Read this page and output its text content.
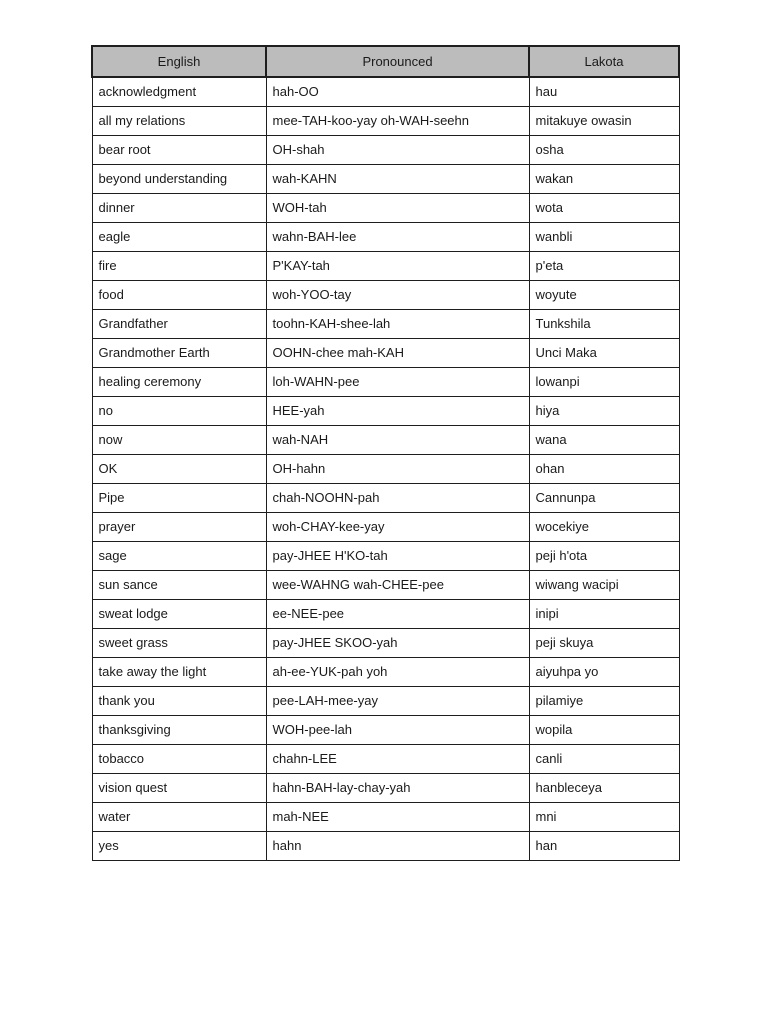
English	Pronounced	Lakota
acknowledgment	hah-OO	hau
all my relations	mee-TAH-koo-yay oh-WAH-seehn	mitakuye owasin
bear root	OH-shah	osha
beyond understanding	wah-KAHN	wakan
dinner	WOH-tah	wota
eagle	wahn-BAH-lee	wanbli
fire	P'KAY-tah	p'eta
food	woh-YOO-tay	woyute
Grandfather	toohn-KAH-shee-lah	Tunkshila
Grandmother Earth	OOHN-chee mah-KAH	Unci Maka
healing ceremony	loh-WAHN-pee	lowanpi
no	HEE-yah	hiya
now	wah-NAH	wana
OK	OH-hahn	ohan
Pipe	chah-NOOHN-pah	Cannunpa
prayer	woh-CHAY-kee-yay	wocekiye
sage	pay-JHEE H'KO-tah	peji h'ota
sun sance	wee-WAHNG wah-CHEE-pee	wiwang wacipi
sweat lodge	ee-NEE-pee	inipi
sweet grass	pay-JHEE SKOO-yah	peji skuya
take away the light	ah-ee-YUK-pah yoh	aiyuhpa yo
thank you	pee-LAH-mee-yay	pilamiye
thanksgiving	WOH-pee-lah	wopila
tobacco	chahn-LEE	canli
vision quest	hahn-BAH-lay-chay-yah	hanbleceya
water	mah-NEE	mni
yes	hahn	han
